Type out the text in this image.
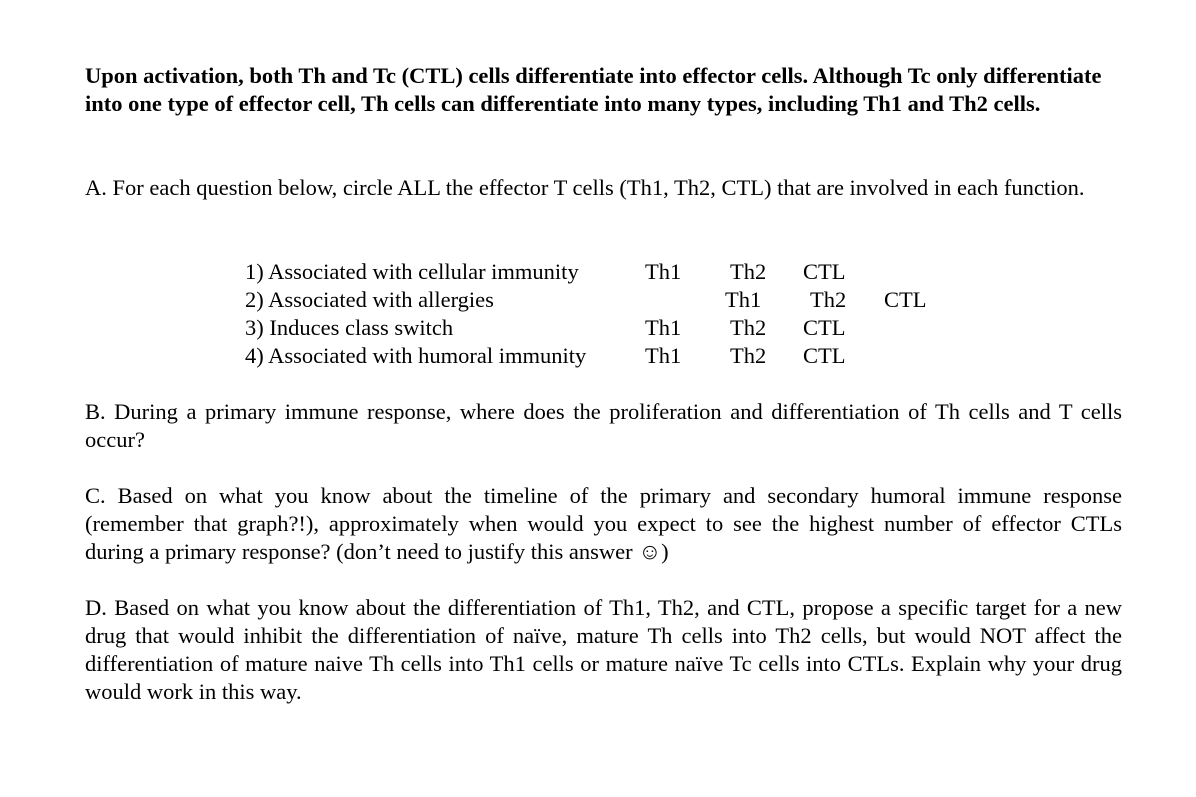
Upon activation, both Th and Tc (CTL) cells differentiate into effector cells. Although Tc only differentiate into one type of effector cell, Th cells can differentiate into many types, including Th1 and Th2 cells.

A. For each question below, circle ALL the effector T cells (Th1, Th2, CTL) that are involved in each function.

1) Associated with cellular immunity	Th1 Th2 CTL

2) Associated with allergies	Th1 Th2 CTL

3) Induces class switch	Th1 Th2 CTL

4) Associated with humoral immunity	Th1 Th2 CTL

B. During a primary immune response, where does the proliferation and differentiation of Th cells and T cells occur?

C. Based on what you know about the timeline of the primary and secondary humoral immune response (remember that graph?!), approximately when would you expect to see the highest number of effector CTLs during a primary response? (don’t need to justify this answer ☺)

D. Based on what you know about the differentiation of Th1, Th2, and CTL, propose a specific target for a new drug that would inhibit the differentiation of naïve, mature Th cells into Th2 cells, but would NOT affect the differentiation of mature naive Th cells into Th1 cells or mature naïve Tc cells into CTLs. Explain why your drug would work in this way.
